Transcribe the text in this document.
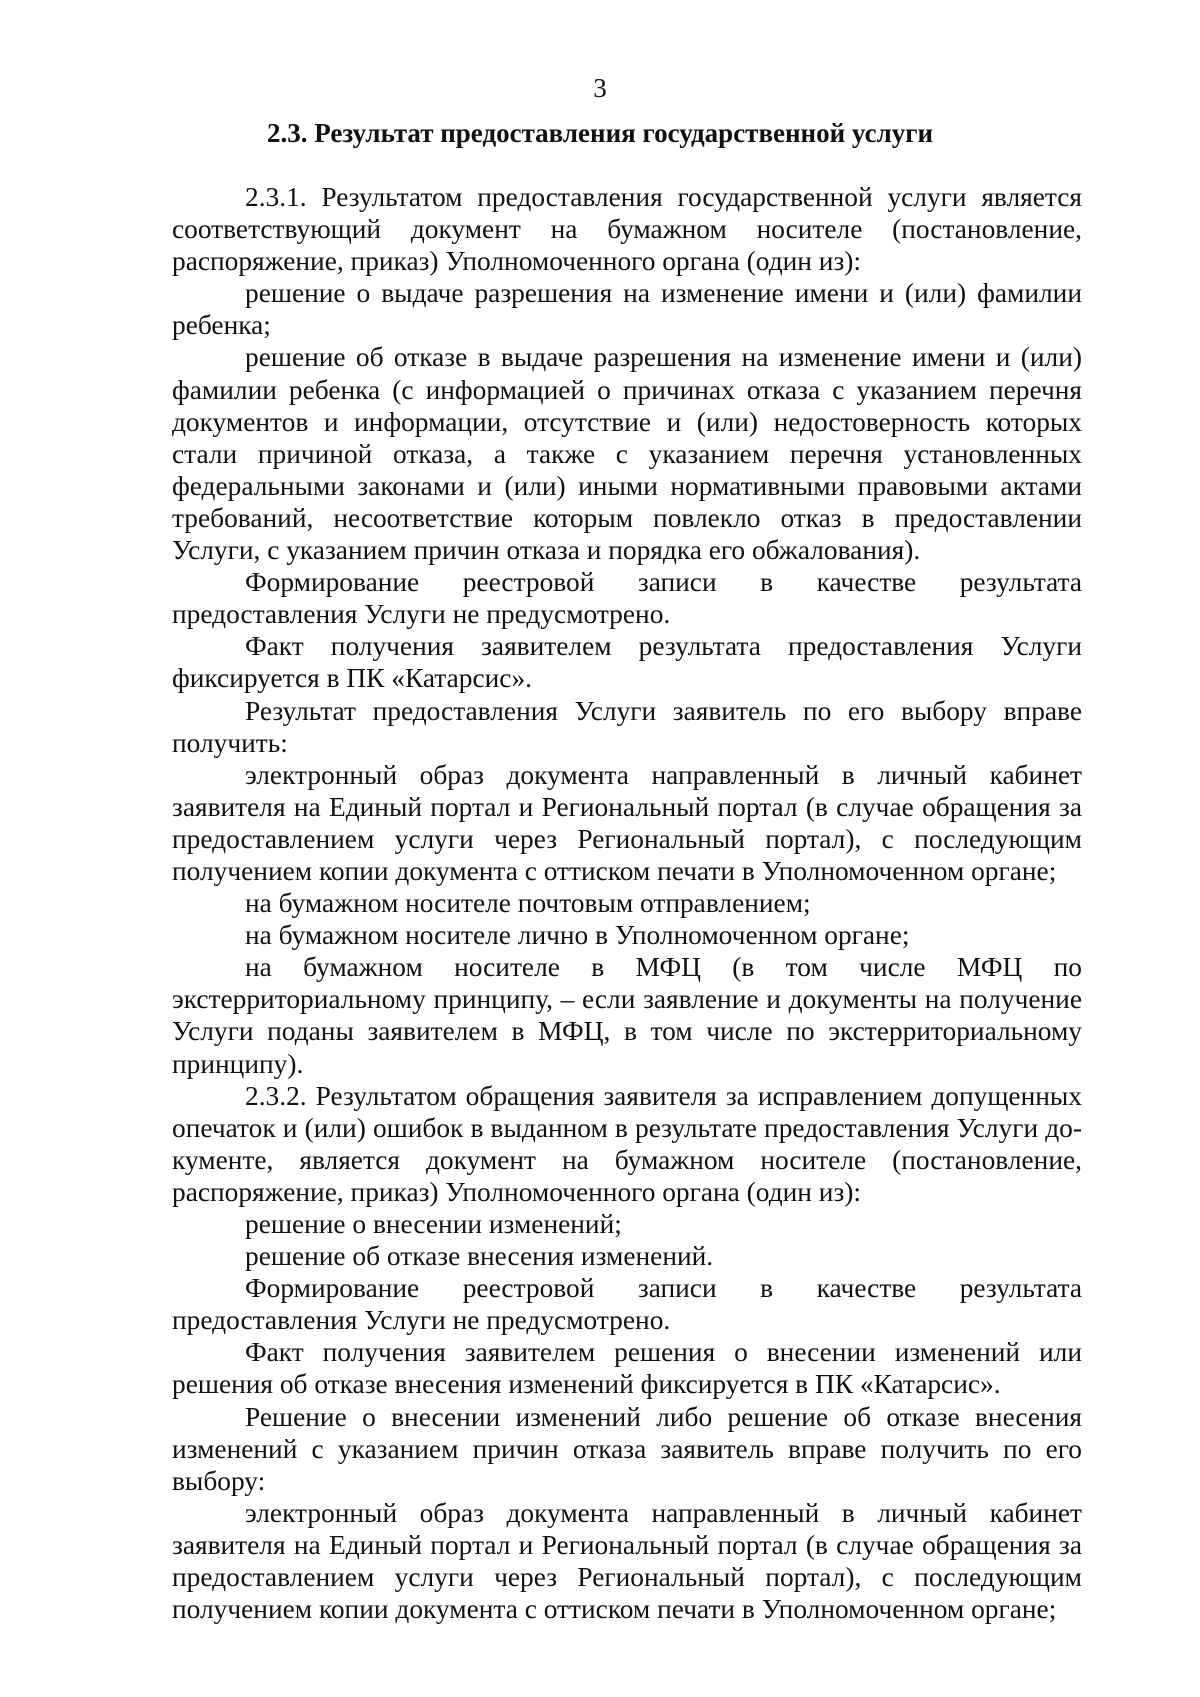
3
2.3. Результат предоставления государственной услуги

2.3.1. Результатом предоставления государственной услуги является соответствующий документ на бумажном носителе (постановление, распоряжение, приказ) Уполномоченного органа (один из):

решение о выдаче разрешения на изменение имени и (или) фамилии ребенка;

решение об отказе в выдаче разрешения на изменение имени и (или) фамилии ребенка (с информацией о причинах отказа с указанием перечня документов и информации, отсутствие и (или) недостоверность которых стали причиной отказа, а также с указанием перечня установленных федеральными законами и (или) иными нормативными правовыми актами требований, несоответствие которым повлекло отказ в предоставлении Услуги, с указанием причин отказа и порядка его обжалования).

Формирование реестровой записи в качестве результата предоставления Услуги не предусмотрено.

Факт получения заявителем результата предоставления Услуги фиксируется в ПК «Катарсис».

Результат предоставления Услуги заявитель по его выбору вправе получить:

электронный образ документа направленный в личный кабинет заявителя на Единый портал и Региональный портал (в случае обращения за предоставлением услуги через Региональный портал), с последующим получением копии документа с оттиском печати в Уполномоченном органе;

на бумажном носителе почтовым отправлением;

на бумажном носителе лично в Уполномоченном органе;

на бумажном носителе в МФЦ (в том числе МФЦ по экстерриториальному принципу, – если заявление и документы на получение Услуги поданы заявителем в МФЦ, в том числе по экстерриториальному принципу).

2.3.2. Результатом обращения заявителя за исправлением допущенных опечаток и (или) ошибок в выданном в результате предоставления Услуги документе, является документ на бумажном носителе (постановление, распоряжение, приказ) Уполномоченного органа (один из):

решение о внесении изменений;

решение об отказе внесения изменений.

Формирование реестровой записи в качестве результата предоставления Услуги не предусмотрено.

Факт получения заявителем решения о внесении изменений или решения об отказе внесения изменений фиксируется в ПК «Катарсис».

Решение о внесении изменений либо решение об отказе внесения изменений с указанием причин отказа заявитель вправе получить по его выбору:

электронный образ документа направленный в личный кабинет заявителя на Единый портал и Региональный портал (в случае обращения за предоставлением услуги через Региональный портал), с последующим получением копии документа с оттиском печати в Уполномоченном органе;
